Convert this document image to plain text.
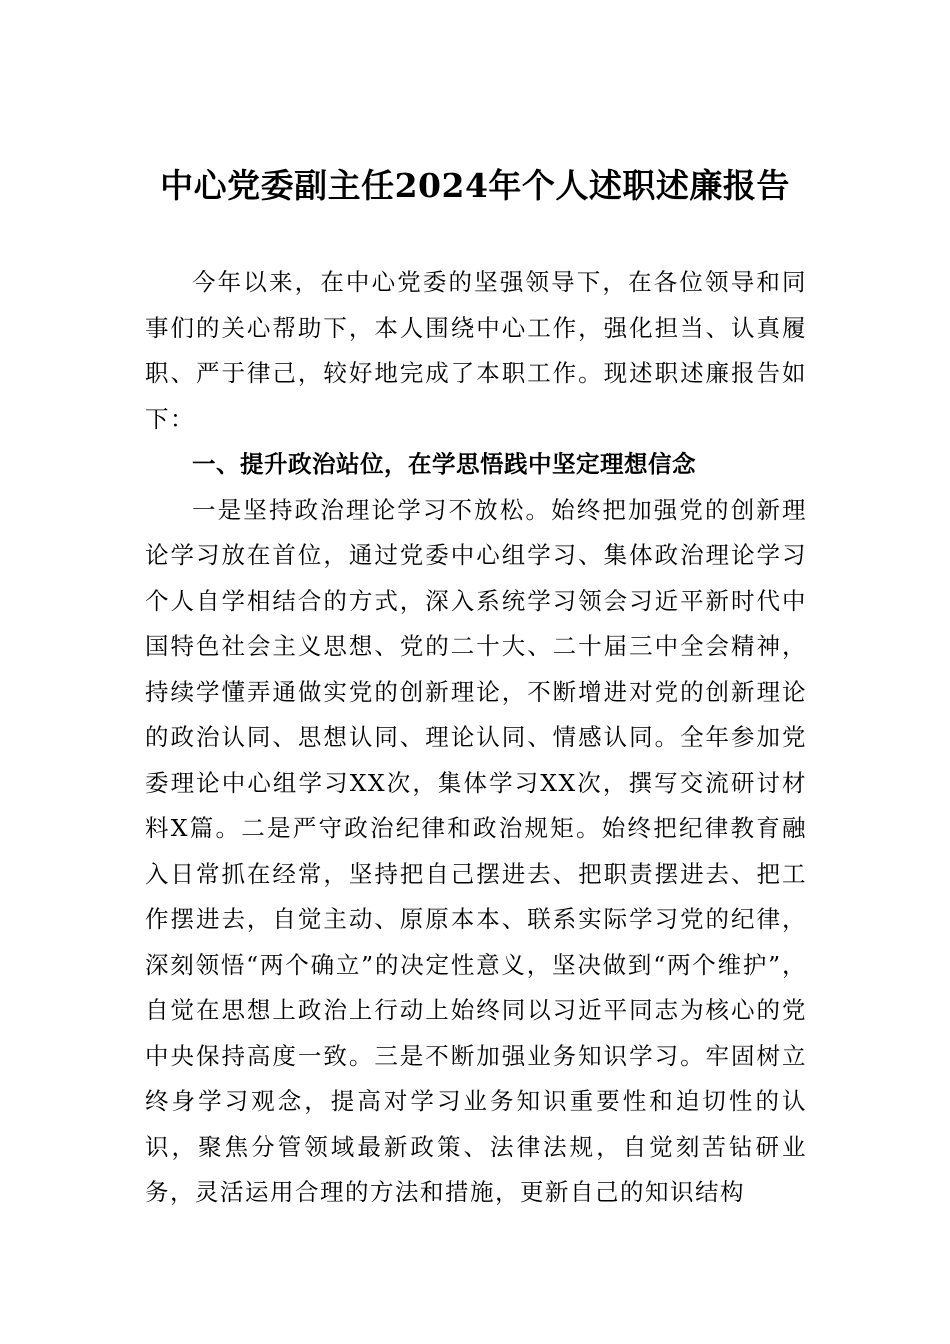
中心党委副主任2024年个人述职述廉报告

今年以来，在中心党委的坚强领导下，在各位领导和同事们的关心帮助下，本人围绕中心工作，强化担当、认真履职、严于律己，较好地完成了本职工作。现述职述廉报告如下：

一、提升政治站位，在学思悟践中坚定理想信念

一是坚持政治理论学习不放松。始终把加强党的创新理论学习放在首位，通过党委中心组学习、集体政治理论学习个人自学相结合的方式，深入系统学习领会习近平新时代中国特色社会主义思想、党的二十大、二十届三中全会精神，持续学懂弄通做实党的创新理论，不断增进对党的创新理论的政治认同、思想认同、理论认同、情感认同。全年参加党委理论中心组学习XX次，集体学习XX次，撰写交流研讨材料X篇。二是严守政治纪律和政治规矩。始终把纪律教育融入日常抓在经常，坚持把自己摆进去、把职责摆进去、把工作摆进去，自觉主动、原原本本、联系实际学习党的纪律，深刻领悟“两个确立”的决定性意义，坚决做到“两个维护”，自觉在思想上政治上行动上始终同以习近平同志为核心的党中央保持高度一致。三是不断加强业务知识学习。牢固树立终身学习观念，提高对学习业务知识重要性和迫切性的认识，聚焦分管领域最新政策、法律法规，自觉刻苦钻研业务，灵活运用合理的方法和措施，更新自己的知识结构
